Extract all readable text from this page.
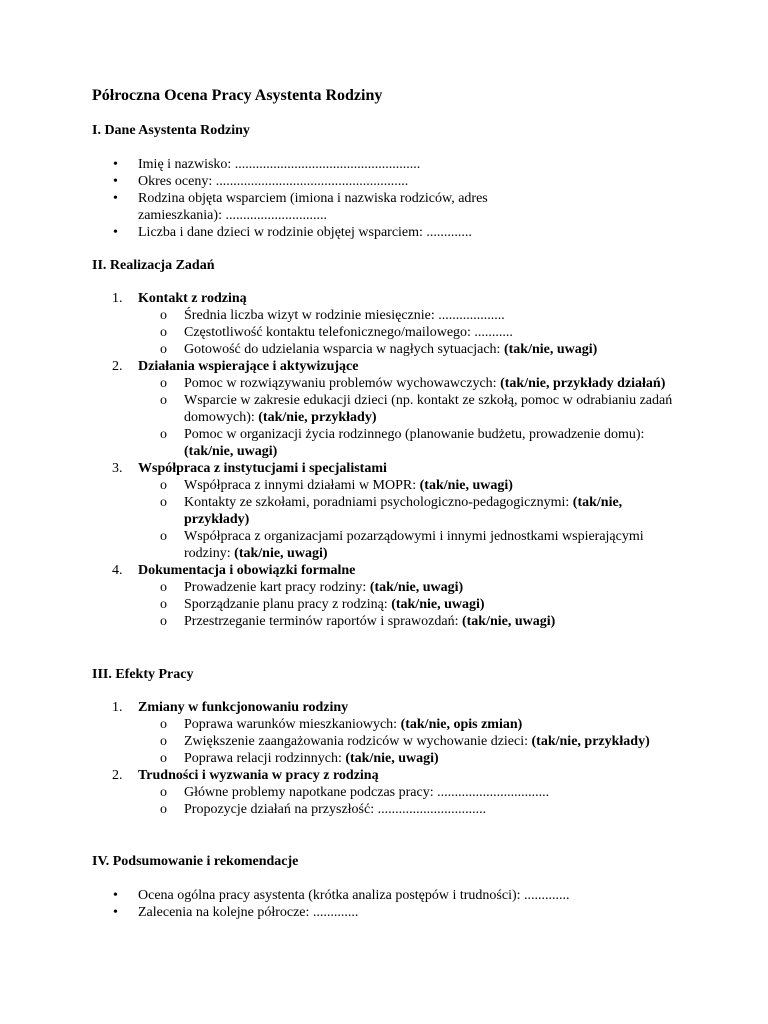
Półroczna Ocena Pracy Asystenta Rodziny
I. Dane Asystenta Rodziny
• Imię i nazwisko: .....................................................
• Okres oceny: .......................................................
• Rodzina objęta wsparciem (imiona i nazwiska rodziców, adres zamieszkania): .............................
• Liczba i dane dzieci w rodzinie objętej wsparciem: .............
II. Realizacja Zadań
1. Kontakt z rodziną
o Średnia liczba wizyt w rodzinie miesięcznie: ...................
o Częstotliwość kontaktu telefonicznego/mailowego: ...........
o Gotowość do udzielania wsparcia w nagłych sytuacjach: (tak/nie, uwagi)
2. Działania wspierające i aktywizujące
o Pomoc w rozwiązywaniu problemów wychowawczych: (tak/nie, przykłady działań)
o Wsparcie w zakresie edukacji dzieci (np. kontakt ze szkołą, pomoc w odrabianiu zadań domowych): (tak/nie, przykłady)
o Pomoc w organizacji życia rodzinnego (planowanie budżetu, prowadzenie domu): (tak/nie, uwagi)
3. Współpraca z instytucjami i specjalistami
o Współpraca z innymi działami w MOPR: (tak/nie, uwagi)
o Kontakty ze szkołami, poradniami psychologiczno-pedagogicznymi: (tak/nie, przykłady)
o Współpraca z organizacjami pozarządowymi i innymi jednostkami wspierającymi rodziny: (tak/nie, uwagi)
4. Dokumentacja i obowiązki formalne
o Prowadzenie kart pracy rodziny: (tak/nie, uwagi)
o Sporządzanie planu pracy z rodziną: (tak/nie, uwagi)
o Przestrzeganie terminów raportów i sprawozdań: (tak/nie, uwagi)
III. Efekty Pracy
1. Zmiany w funkcjonowaniu rodziny
o Poprawa warunków mieszkaniowych: (tak/nie, opis zmian)
o Zwiększenie zaangażowania rodziców w wychowanie dzieci: (tak/nie, przykłady)
o Poprawa relacji rodzinnych: (tak/nie, uwagi)
2. Trudności i wyzwania w pracy z rodziną
o Główne problemy napotkane podczas pracy: ................................
o Propozycje działań na przyszłość: ...............................
IV. Podsumowanie i rekomendacje
• Ocena ogólna pracy asystenta (krótka analiza postępów i trudności): .............
• Zalecenia na kolejne półrocze: .............
